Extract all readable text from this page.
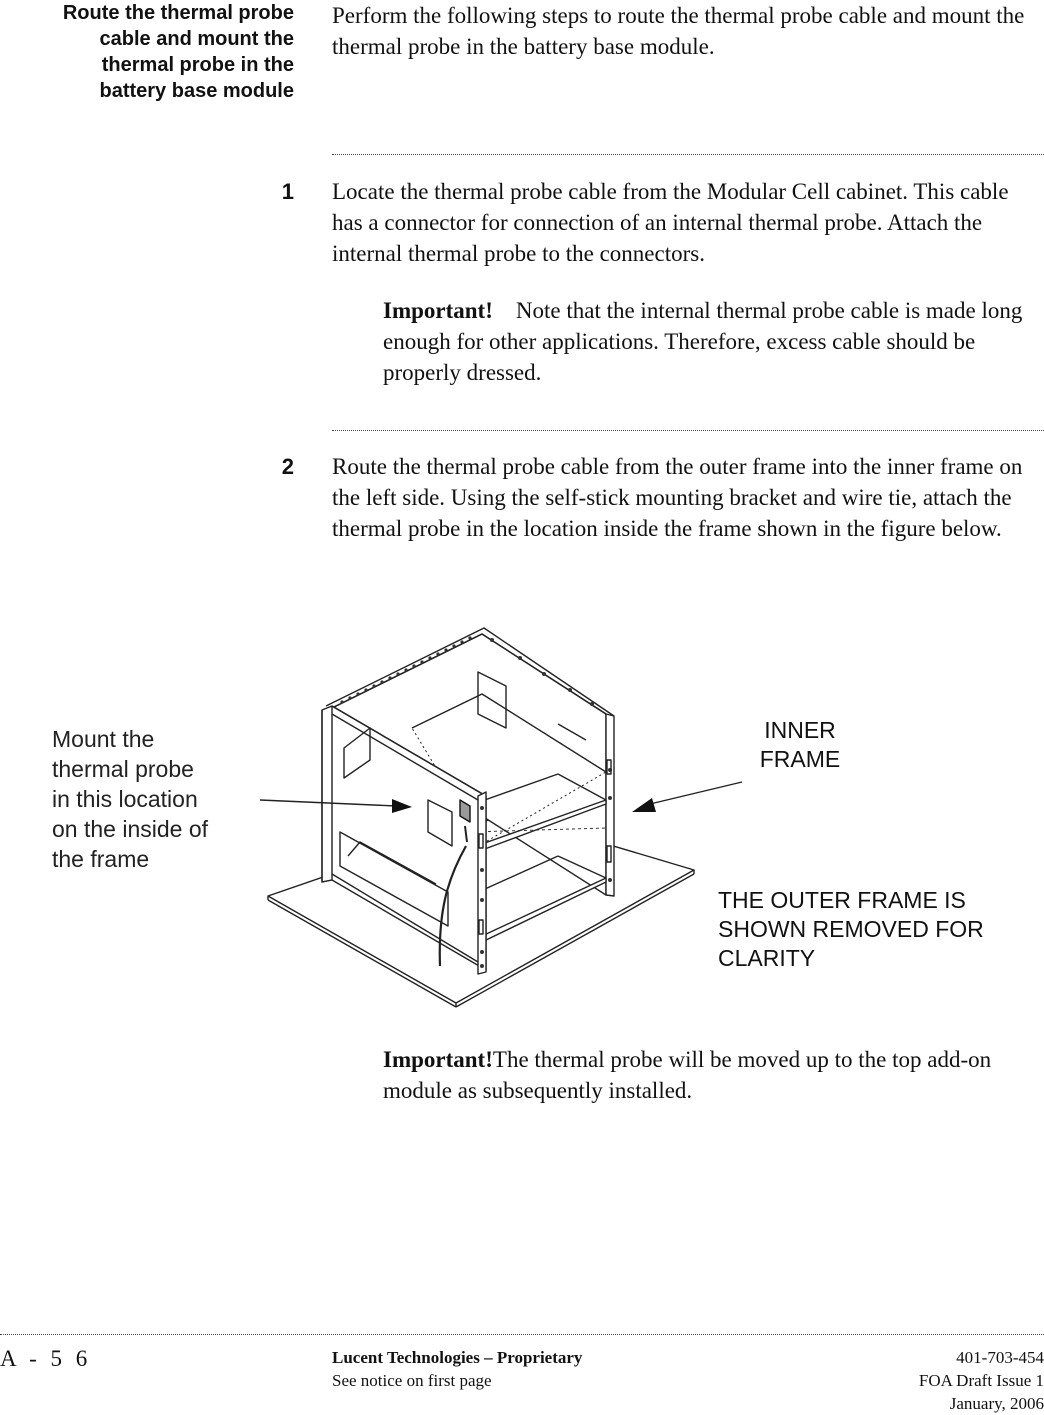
Route the thermal probe
cable and mount the
thermal probe in the
battery base module
Perform the following steps to route the thermal probe cable and mount the thermal probe in the battery base module.
1 Locate the thermal probe cable from the Modular Cell cabinet. This cable has a connector for connection of an internal thermal probe. Attach the internal thermal probe to the connectors.
Important! Note that the internal thermal probe cable is made long enough for other applications. Therefore, excess cable should be properly dressed.
2 Route the thermal probe cable from the outer frame into the inner frame on the left side. Using the self-stick mounting bracket and wire tie, attach the thermal probe in the location inside the frame shown in the figure below.
Mount the
thermal probe
in this location
on the inside of
the frame
INNER
FRAME
THE OUTER FRAME IS
SHOWN REMOVED FOR
CLARITY
Important!The thermal probe will be moved up to the top add-on module as subsequently installed.
A - 5 6	Lucent Technologies – Proprietary
See notice on first page
401-703-454
FOA Draft Issue 1
January, 2006
